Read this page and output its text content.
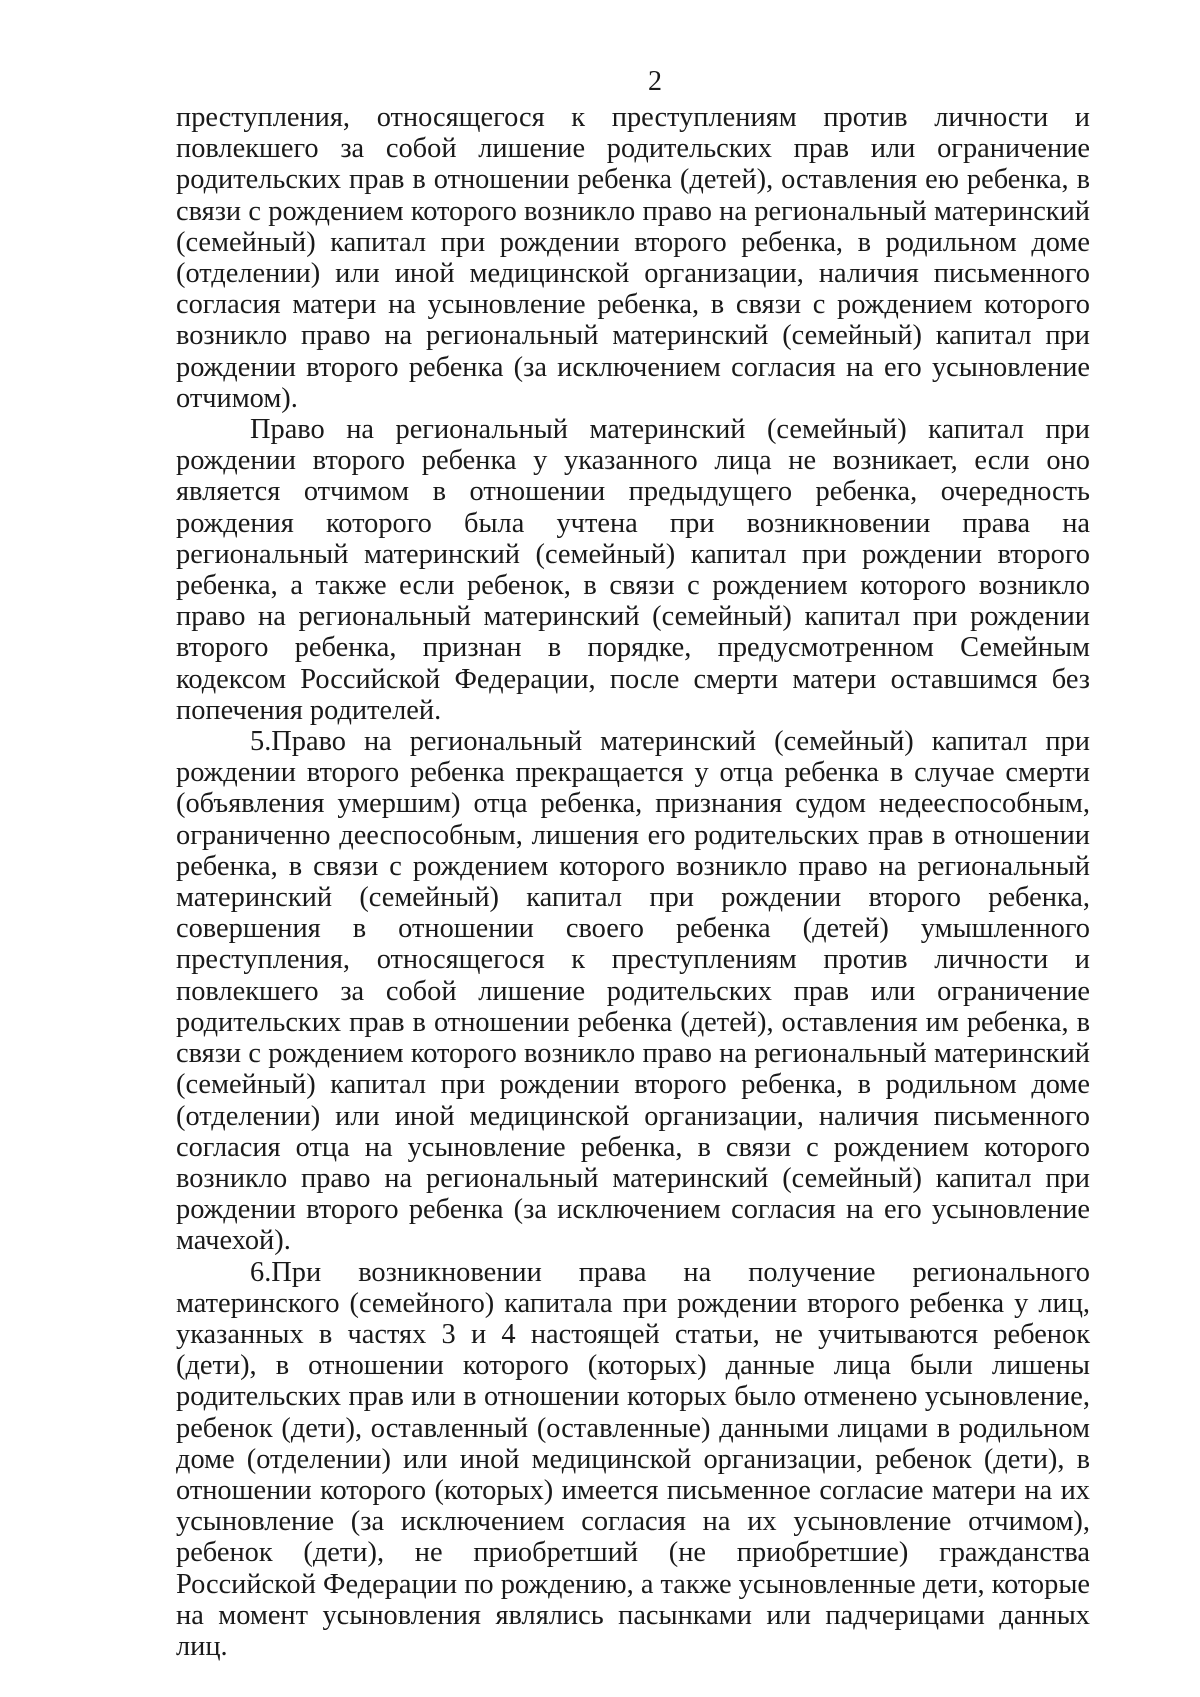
2

преступления, относящегося к преступлениям против личности и повлекшего за собой лишение родительских прав или ограничение родительских прав в отношении ребенка (детей), оставления ею ребенка, в связи с рождением которого возникло право на региональный материнский (семейный) капитал при рождении второго ребенка, в родильном доме (отделении) или иной медицинской организации, наличия письменного согласия матери на усыновление ребенка, в связи с рождением которого возникло право на региональный материнский (семейный) капитал при рождении второго ребенка (за исключением согласия на его усыновление отчимом).

Право на региональный материнский (семейный) капитал при рождении второго ребенка у указанного лица не возникает, если оно является отчимом в отношении предыдущего ребенка, очередность рождения которого была учтена при возникновении права на региональный материнский (семейный) капитал при рождении второго ребенка, а также если ребенок, в связи с рождением которого возникло право на региональный материнский (семейный) капитал при рождении второго ребенка, признан в порядке, предусмотренном Семейным кодексом Российской Федерации, после смерти матери оставшимся без попечения родителей.

5.Право на региональный материнский (семейный) капитал при рождении второго ребенка прекращается у отца ребенка в случае смерти (объявления умершим) отца ребенка, признания судом недееспособным, ограниченно дееспособным, лишения его родительских прав в отношении ребенка, в связи с рождением которого возникло право на региональный материнский (семейный) капитал при рождении второго ребенка, совершения в отношении своего ребенка (детей) умышленного преступления, относящегося к преступлениям против личности и повлекшего за собой лишение родительских прав или ограничение родительских прав в отношении ребенка (детей), оставления им ребенка, в связи с рождением которого возникло право на региональный материнский (семейный) капитал при рождении второго ребенка, в родильном доме (отделении) или иной медицинской организации, наличия письменного согласия отца на усыновление ребенка, в связи с рождением которого возникло право на региональный материнский (семейный) капитал при рождении второго ребенка (за исключением согласия на его усыновление мачехой).

6.При возникновении права на получение регионального материнского (семейного) капитала при рождении второго ребенка у лиц, указанных в частях 3 и 4 настоящей статьи, не учитываются ребенок (дети), в отношении которого (которых) данные лица были лишены родительских прав или в отношении которых было отменено усыновление, ребенок (дети), оставленный (оставленные) данными лицами в родильном доме (отделении) или иной медицинской организации, ребенок (дети), в отношении которого (которых) имеется письменное согласие матери на их усыновление (за исключением согласия на их усыновление отчимом), ребенок (дети), не приобретший (не приобретшие) гражданства Российской Федерации по рождению, а также усыновленные дети, которые на момент усыновления являлись пасынками или падчерицами данных лиц.
